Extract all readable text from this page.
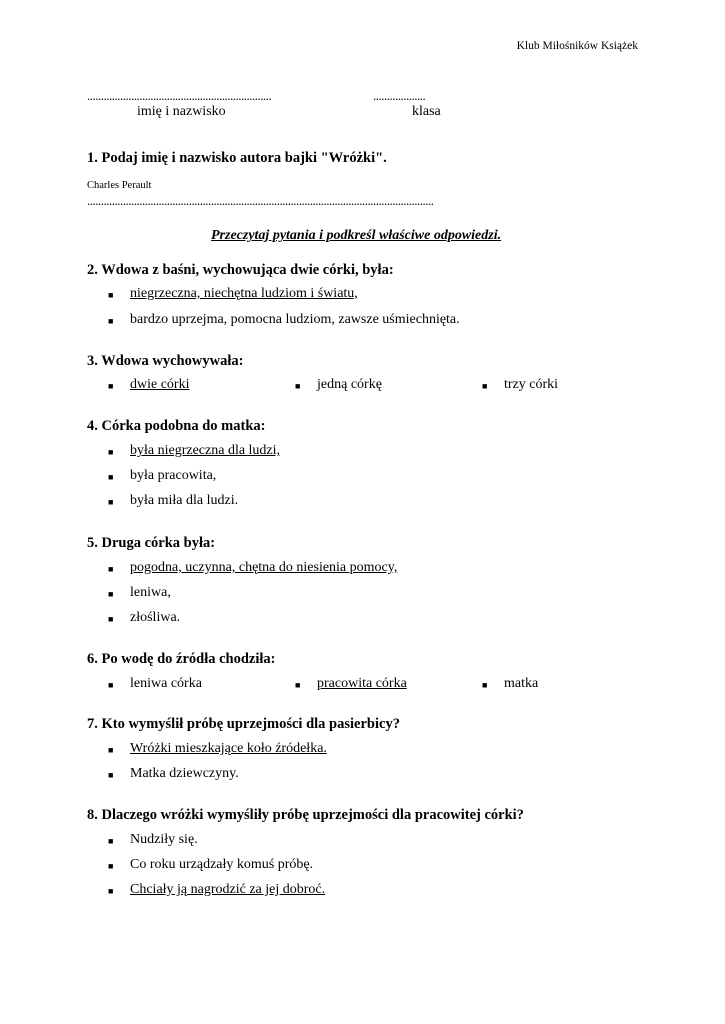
Klub Miłośników Książek
...................................................................	...................
imię i nazwisko	klasa
1. Podaj imię i nazwisko autora bajki "Wróżki".
Charles Perault
..............................................................................................................................
Przeczytaj pytania i podkreśl właściwe odpowiedzi.
2. Wdowa z baśni, wychowująca dwie córki, była:
■ niegrzeczna, niechętna ludziom i światu,
■ bardzo uprzejma, pomocna ludziom, zawsze uśmiechnięta.
3. Wdowa wychowywała:
■ dwie córki	■ jedną córkę	■ trzy córki
4. Córka podobna do matka:
■ była niegrzeczna dla ludzi,
■ była pracowita,
■ była miła dla ludzi.
5. Druga córka była:
■ pogodna, uczynna, chętna do niesienia pomocy,
■ leniwa,
■ złośliwa.
6. Po wodę do źródła chodziła:
■ leniwa córka	■ pracowita córka	■ matka
7. Kto wymyślił próbę uprzejmości dla pasierbicy?
■ Wróżki mieszkające koło źródełka.
■ Matka dziewczyny.
8. Dlaczego wróżki wymyśliły próbę uprzejmości dla pracowitej córki?
■ Nudziły się.
■ Co roku urządzały komuś próbę.
■ Chciały ją nagrodzić za jej dobroć.
